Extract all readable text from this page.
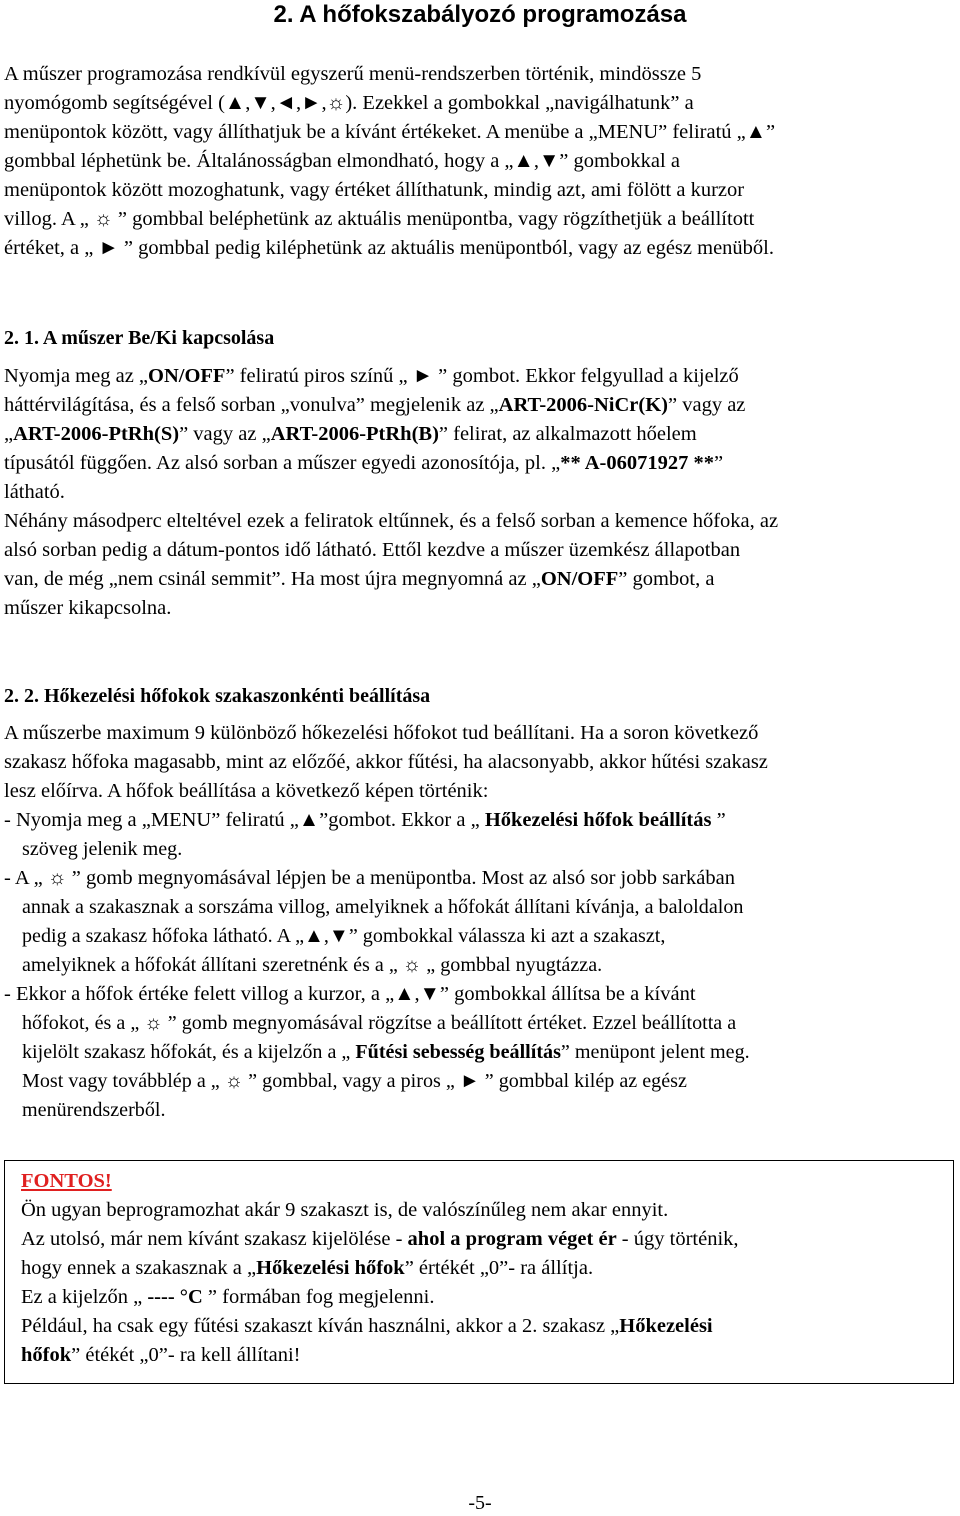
2. A hőfokszabályozó programozása
A műszer programozása rendkívül egyszerű menü-rendszerben történik, mindössze 5
nyomógomb segítségével (▲,▼,◄,►,☼). Ezekkel a gombokkal „navigálhatunk” a
menüpontok között, vagy állíthatjuk be a kívánt értékeket. A menübe a „MENU” feliratú „▲”
gombbal léphetünk be. Általánosságban elmondható, hogy a „▲,▼” gombokkal a
menüpontok között mozoghatunk, vagy értéket állíthatunk, mindig azt, ami fölött a kurzor
villog. A „ ☼ ” gombbal beléphetünk az aktuális menüpontba, vagy rögzíthetjük a beállított
értéket, a „ ► ” gombbal pedig kiléphetünk az aktuális menüpontból, vagy az egész menüből.
2. 1. A műszer Be/Ki kapcsolása
Nyomja meg az „ON/OFF” feliratú piros színű „ ► ” gombot. Ekkor felgyullad a kijelző
háttérvilágítása, és a felső sorban „vonulva” megjelenik az „ART-2006-NiCr(K)” vagy az
„ART-2006-PtRh(S)” vagy az „ART-2006-PtRh(B)” felirat, az alkalmazott hőelem
típusától függően. Az alsó sorban a műszer egyedi azonosítója, pl. „** A-06071927 **”
látható.
Néhány másodperc elteltével ezek a feliratok eltűnnek, és a felső sorban a kemence hőfoka, az
alsó sorban pedig a dátum-pontos idő látható. Ettől kezdve a műszer üzemkész állapotban
van, de még „nem csinál semmit”. Ha most újra megnyomná az „ON/OFF” gombot, a
műszer kikapcsolna.
2. 2. Hőkezelési hőfokok szakaszonkénti beállítása
A műszerbe maximum 9 különböző hőkezelési hőfokot tud beállítani. Ha a soron következő
szakasz hőfoka magasabb, mint az előzőé, akkor fűtési, ha alacsonyabb, akkor hűtési szakasz
lesz előírva. A hőfok beállítása a következő képen történik:
- Nyomja meg a „MENU” feliratú „▲”gombot. Ekkor a „ Hőkezelési hőfok beállítás ”
szöveg jelenik meg.
- A „ ☼ ” gomb megnyomásával lépjen be a menüpontba. Most az alsó sor jobb sarkában
annak a szakasznak a sorszáma villog, amelyiknek a hőfokát állítani kívánja, a baloldalon
pedig a szakasz hőfoka látható. A „▲,▼” gombokkal válassza ki azt a szakaszt,
amelyiknek a hőfokát állítani szeretnénk és a „ ☼ „ gombbal nyugtázza.
- Ekkor a hőfok értéke felett villog a kurzor, a „▲,▼” gombokkal állítsa be a kívánt
hőfokot, és a „ ☼ ” gomb megnyomásával rögzítse a beállított értéket. Ezzel beállította a
kijelölt szakasz hőfokát, és a kijelzőn a „ Fűtési sebesség beállítás” menüpont jelent meg.
Most vagy továbblép a „ ☼ ” gombbal, vagy a piros „ ► ” gombbal kilép az egész
menürendszerből.
FONTOS!
Ön ugyan beprogramozhat akár 9 szakaszt is, de valószínűleg nem akar ennyit.
Az utolsó, már nem kívánt szakasz kijelölése - ahol a program véget ér - úgy történik,
hogy ennek a szakasznak a „Hőkezelési hőfok” értékét „0”- ra állítja.
Ez a kijelzőn „ ---- °C ” formában fog megjelenni.
Például, ha csak egy fűtési szakaszt kíván használni, akkor a 2. szakasz „Hőkezelési
hőfok” étékét „0”- ra kell állítani!
-5-
